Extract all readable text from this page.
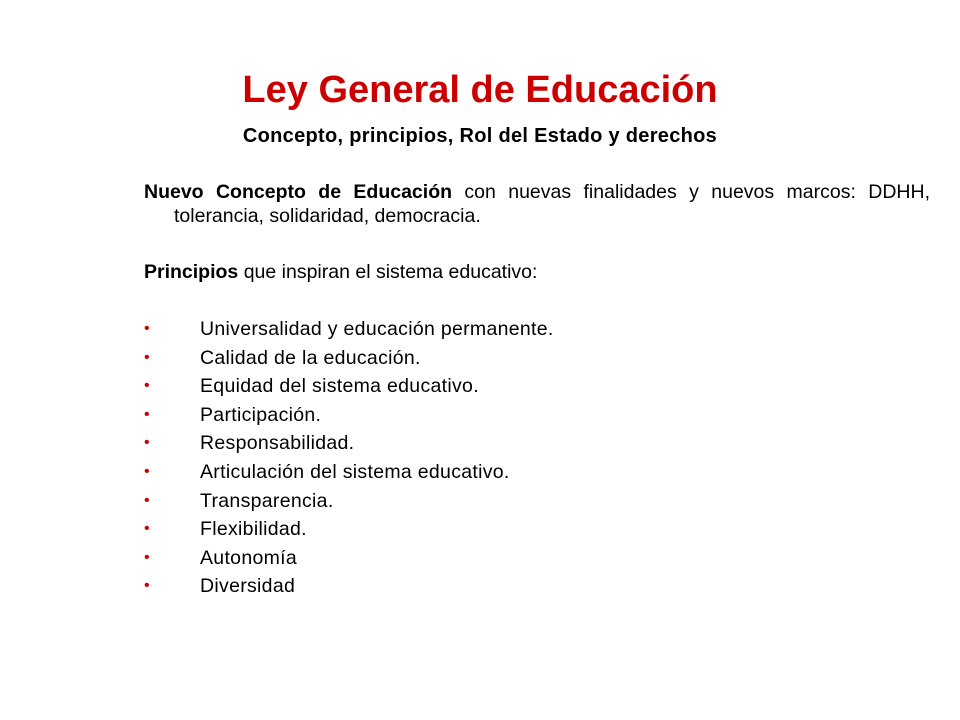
Ley General de Educación
Concepto, principios, Rol del Estado y derechos

Nuevo Concepto de Educación con nuevas finalidades y nuevos marcos: DDHH, tolerancia, solidaridad, democracia.

Principios que inspiran el sistema educativo:

•	Universalidad y educación permanente.
•	Calidad de la educación.
•	Equidad del sistema educativo.
•	Participación.
•	Responsabilidad.
•	Articulación del sistema educativo.
•	Transparencia.
•	Flexibilidad.
•	Autonomía
•	Diversidad
